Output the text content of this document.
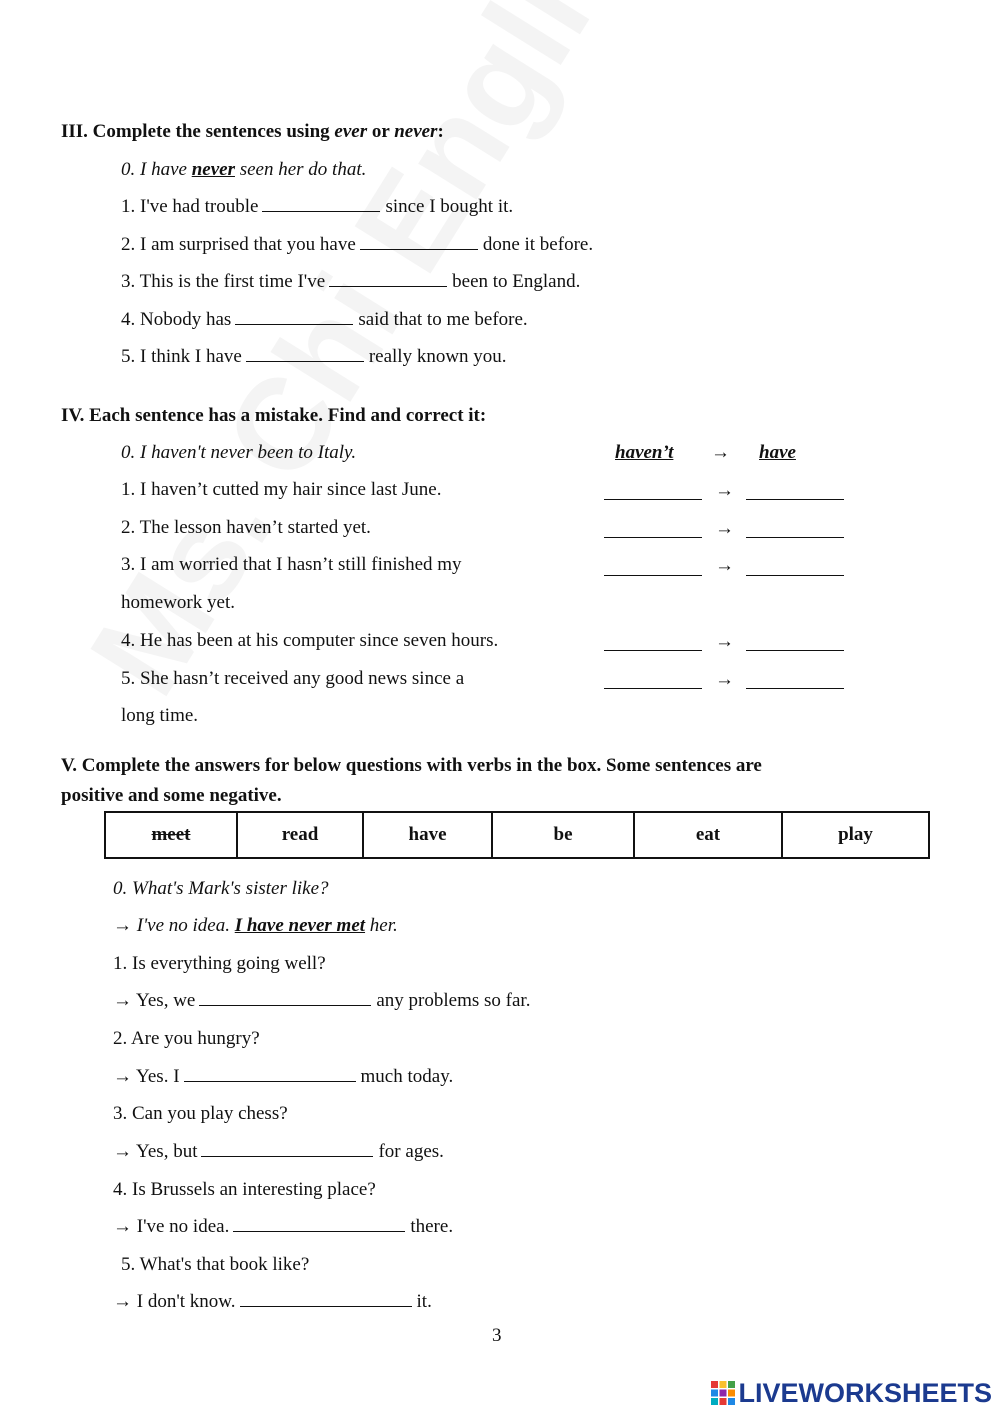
III. Complete the sentences using ever or never:
0. I have never seen her do that.
1. I've had trouble	since I bought it.
2. I am surprised that you have	done it before.
3. This is the first time I've	been to England.
4. Nobody has	said that to me before.
5. I think I have	really known you.
IV. Each sentence has a mistake. Find and correct it:
0. I haven't never been to Italy.	haven’t → have
1. I haven’t cutted my hair since last June.	→
2. The lesson haven’t started yet.	→
3. I am worried that I hasn’t still finished my
homework yet.
→
4. He has been at his computer since seven hours.	→
5. She hasn’t received any good news since a
long time.
→
V. Complete the answers for below questions with verbs in the box. Some sentences are
positive and some negative.
meet	read	have	be	eat	play
0. What's Mark's sister like?
→ I've no idea. I have never met her.
1. Is everything going well?
→ Yes, we	any problems so far.
2. Are you hungry?
→ Yes. I	much today.
3. Can you play chess?
→ Yes, but	for ages.
4. Is Brussels an interesting place?
→ I've no idea.	there.
5. What's that book like?
→ I don't know.	it.
3
LIVEWORKSHEETS
